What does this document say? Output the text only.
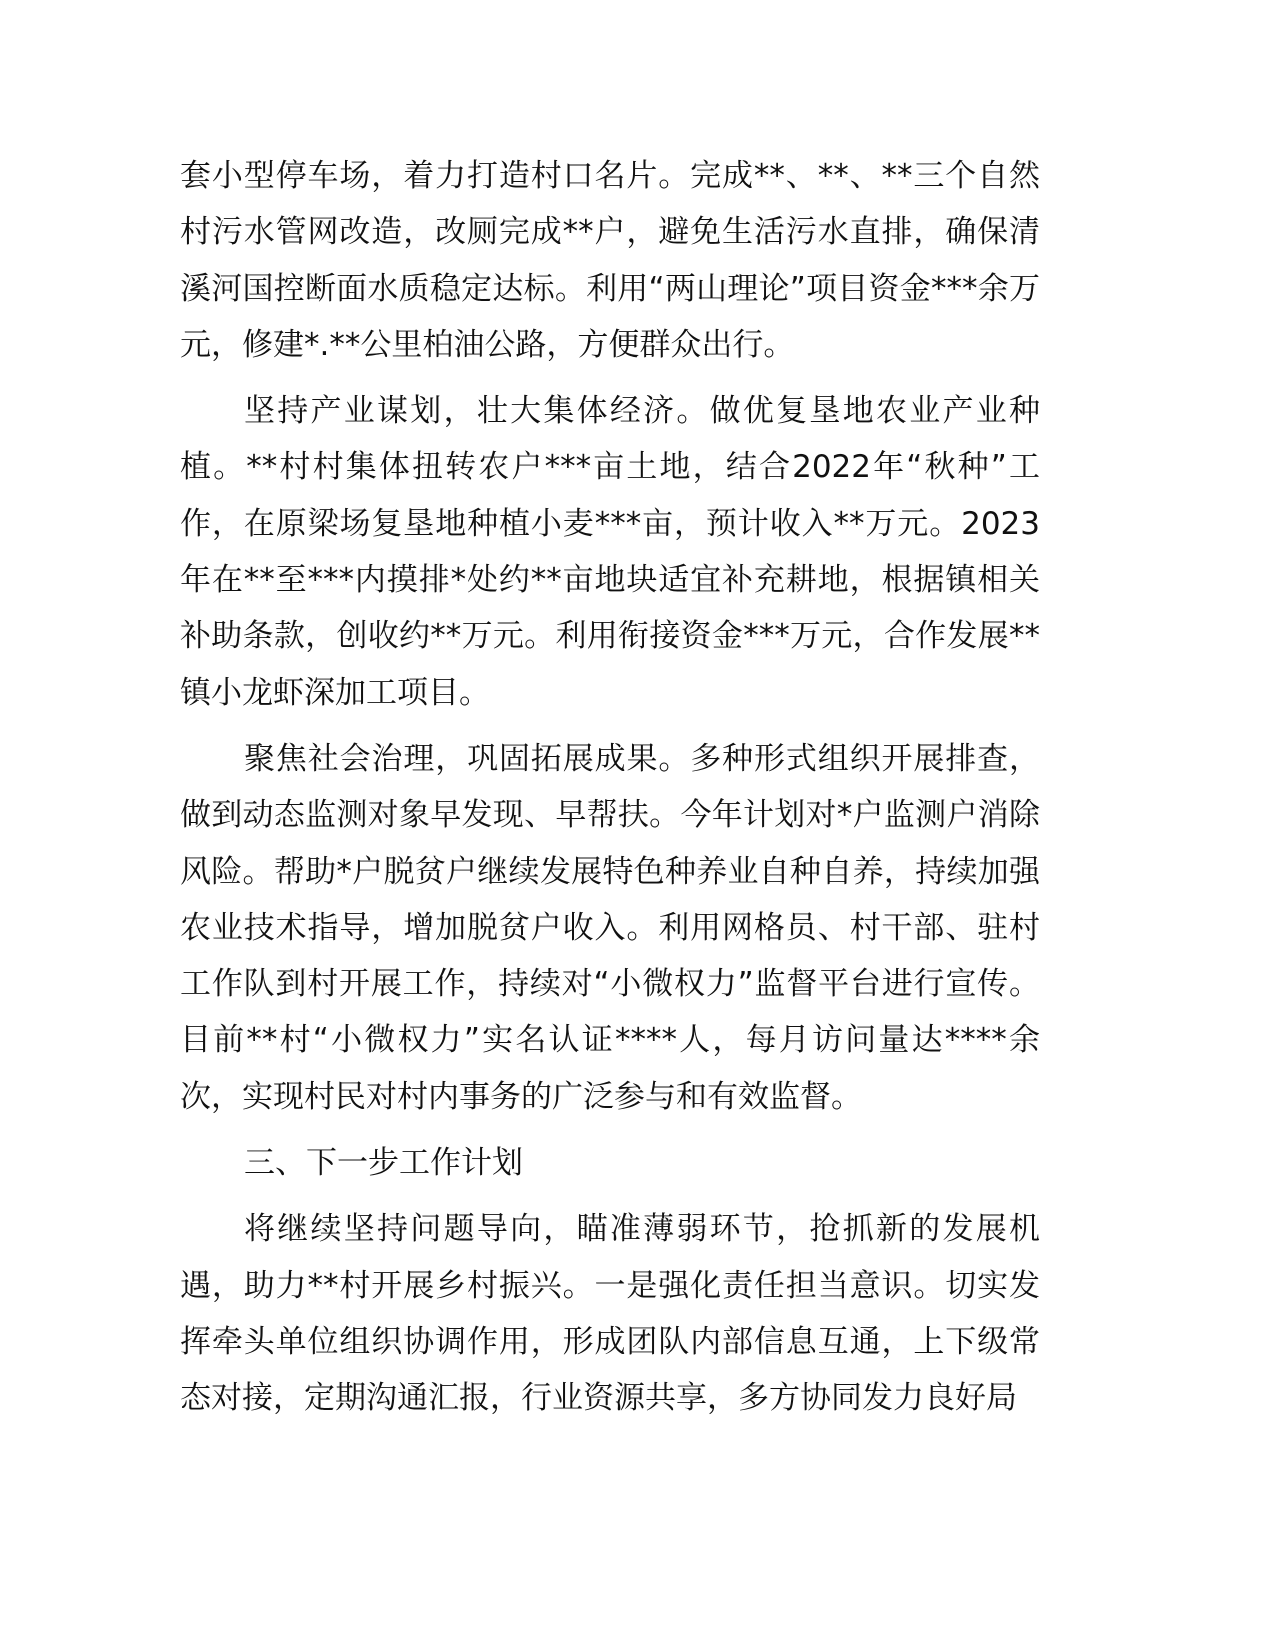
套小型停车场，着力打造村口名片。完成**、**、**三个自然村污水管网改造，改厕完成**户，避免生活污水直排，确保清溪河国控断面水质稳定达标。利用“两山理论”项目资金***余万元，修建*.**公里柏油公路，方便群众出行。

坚持产业谋划，壮大集体经济。做优复垦地农业产业种植。**村村集体扭转农户***亩土地，结合2022年“秋种”工作，在原梁场复垦地种植小麦***亩，预计收入**万元。2023年在**至***内摸排*处约**亩地块适宜补充耕地，根据镇相关补助条款，创收约**万元。利用衔接资金***万元，合作发展**镇小龙虾深加工项目。

聚焦社会治理，巩固拓展成果。多种形式组织开展排查，做到动态监测对象早发现、早帮扶。今年计划对*户监测户消除风险。帮助*户脱贫户继续发展特色种养业自种自养，持续加强农业技术指导，增加脱贫户收入。利用网格员、村干部、驻村工作队到村开展工作，持续对“小微权力”监督平台进行宣传。目前**村“小微权力”实名认证****人，每月访问量达****余次，实现村民对村内事务的广泛参与和有效监督。

三、下一步工作计划

将继续坚持问题导向，瞄准薄弱环节，抢抓新的发展机遇，助力**村开展乡村振兴。一是强化责任担当意识。切实发挥牵头单位组织协调作用，形成团队内部信息互通，上下级常态对接，定期沟通汇报，行业资源共享，多方协同发力良好局
